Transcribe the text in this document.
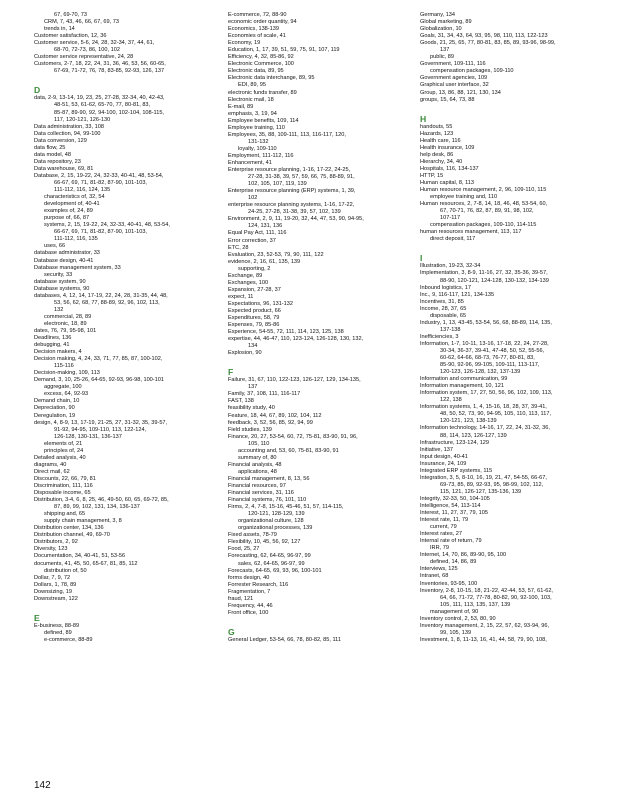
67, 69-70, 73
CRM, 7, 43, 46, 66, 67, 69, 73
trends in, 14
Customer satisfaction, 12, 36
Customer service, 5-6, 24, 28, 32-34, 37, 44, 61,
68-70, 72-73, 86, 100, 102
Customer service representative, 24, 28
Customers, 2-7, 18, 22, 24, 31, 36, 46, 53, 56, 60-65,
67-69, 71-72, 76, 78, 83-85, 92-93, 126, 137
D
data, 2-9, 13-14, 19, 23, 25, 27-28, 32-34, 40, 42-43,
48-51, 53, 61-62, 65-70, 77, 80-81, 83,
85-87, 89-90, 92, 94-100, 102-104, 108-115,
117, 120-121, 126-130
Data administration, 33, 108
Data collection, 94, 99-100
Data conversion, 129
data flow, 25
data model, 48
Data repository, 23
Data warehouse, 69, 81
Database, 2, 15, 19-22, 24, 32-33, 40-41, 48, 53-54,
66-67, 69, 71, 81-82, 87-90, 101-103,
111-112, 116, 124, 135
characteristics of, 32, 54
development of, 40-41
examples of, 24, 89
purpose of, 66, 87
systems, 2, 15, 19-22, 24, 32-33, 40-41, 48, 53-54,
66-67, 69, 71, 81-82, 87-90, 101-103,
111-112, 116, 135
uses, 66
database administrator, 33
Database design, 40-41
Database management system, 33
security, 33
database system, 90
Database systems, 90
databases, 4, 12, 14, 17-19, 22, 24, 28, 31-35, 44, 48,
53, 56, 62, 68, 77, 88-89, 92, 96, 102, 113,
132
commercial, 28, 89
electronic, 18, 89
dates, 76, 79, 95-98, 101
Deadlines, 136
debugging, 41
Decision makers, 4
Decision making, 4, 24, 33, 71, 77, 85, 87, 100-102,
115-116
Decision-making, 109, 113
Demand, 3, 10, 25-26, 64-65, 92-93, 96-98, 100-101
aggregate, 100
excess, 64, 92-93
Demand chain, 10
Depreciation, 90
Deregulation, 19
design, 4, 8-9, 13, 17-19, 21-25, 27, 31-32, 35, 39-57,
91-92, 94-95, 109-110, 113, 122-124,
126-128, 130-131, 136-137
elements of, 21
principles of, 24
Detailed analysis, 40
diagrams, 40
Direct mail, 62
Discounts, 22, 66, 79, 81
Discrimination, 111, 116
Disposable income, 65
Distribution, 3-4, 6, 8, 25, 46, 49-50, 60, 65, 69-72, 85,
87, 89, 99, 102, 131, 134, 136-137
shipping and, 65
supply chain management, 3, 8
Distribution center, 134, 136
Distribution channel, 49, 69-70
Distributors, 2, 92
Diversity, 123
Documentation, 34, 40-41, 51, 53-56
documents, 41, 45, 50, 65-67, 81, 85, 112
distribution of, 50
Dollar, 7, 9, 72
Dollars, 1, 78, 89
Downsizing, 19
Downstream, 122
E
E-business, 88-89
defined, 89
e-commerce, 88-89
E-commerce, 72, 88-90
economic order quantity, 94
Economics, 138-139
Economies of scale, 41
Economy, 19
Education, 1, 17, 39, 51, 59, 75, 91, 107, 119
Efficiency, 4, 32, 85-86, 92
Electronic Commerce, 100
Electronic data, 89, 95
Electronic data interchange, 89, 95
EDI, 89, 95
electronic funds transfer, 89
Electronic mail, 18
E-mail, 89
emphasis, 3, 19, 94
Employee benefits, 109, 114
Employee training, 110
Employees, 35, 88, 109-111, 113, 116-117, 120,
131-132
loyalty, 109-110
Employment, 111-112, 116
Enhancement, 41
Enterprise resource planning, 1-16, 17-22, 24-25,
27-28, 31-38, 39, 57, 59, 66, 75, 88-89, 91,
102, 105, 107, 119, 139
Enterprise resource planning (ERP) systems, 1, 39,
102
enterprise resource planning systems, 1-16, 17-22,
24-25, 27-28, 31-38, 39, 57, 102, 139
Environment, 2, 9, 11, 19-20, 32, 44, 47, 53, 90, 94-95,
124, 131, 136
Equal Pay Act, 111, 116
Error correction, 37
ETC, 28
Evaluation, 23, 52-53, 79, 90, 111, 122
evidence, 2, 16, 61, 135, 139
supporting, 2
Exchange, 89
Exchanges, 100
Expansion, 27-28, 37
expect, 11
Expectations, 96, 131-132
Expected product, 66
Expenditures, 58, 79
Expenses, 79, 85-86
Experience, 54-55, 72, 111, 114, 123, 125, 138
expertise, 44, 46-47, 110, 123-124, 126-128, 130, 132,
134
Explosion, 90
F
Failure, 31, 67, 110, 122-123, 126-127, 129, 134-135,
137
Family, 37, 108, 111, 116-117
FAST, 138
feasibility study, 40
Feature, 18, 44, 67, 89, 102, 104, 112
feedback, 3, 52, 56, 85, 92, 94, 99
Field studies, 139
Finance, 20, 27, 53-54, 60, 72, 75-81, 83-90, 91, 96,
105, 110
accounting and, 53, 60, 75-81, 83-90, 91
summary of, 80
Financial analysis, 48
applications, 48
Financial management, 8, 13, 56
Financial resources, 97
Financial services, 31, 116
Financial systems, 76, 101, 110
Firms, 2, 4, 7-8, 15-16, 45-46, 51, 57, 114-115,
120-121, 128-129, 139
organizational culture, 128
organizational processes, 139
Fixed assets, 78-79
Flexibility, 10, 45, 56, 92, 127
Food, 25, 27
Forecasting, 62, 64-65, 96-97, 99
sales, 62, 64-65, 96-97, 99
Forecasts, 64-65, 69, 93, 96, 100-101
forms design, 40
Forrester Research, 116
Fragmentation, 7
fraud, 121
Frequency, 44, 46
Front office, 100
G
General Ledger, 53-54, 66, 78, 80-82, 85, 111
Germany, 134
Global marketing, 89
Globalization, 10
Goals, 31, 34, 43, 64, 93, 95, 98, 110, 113, 122-123
Goods, 21, 25, 65, 77, 80-81, 83, 85, 89, 93-96, 98-99,
137
public, 89
Government, 109-111, 116
compensation packages, 109-110
Government agencies, 109
Graphical user interface, 32
Group, 13, 86, 88, 121, 130, 134
groups, 15, 64, 73, 88
H
handouts, 55
Hazards, 123
Health care, 116
Health insurance, 109
help desk, 86
Hierarchy, 34, 40
Hospitals, 116, 134-137
HTTP, 15
Human capital, 8, 113
Human resource management, 2, 96, 109-110, 115
employee training and, 110
Human resources, 2, 7-8, 14, 18, 46, 48, 53-54, 60,
67, 70-71, 76, 82, 87, 89, 91, 98, 102,
107-117
compensation packages, 109-110, 114-115
human resources management, 113, 117
direct deposit, 117
I
Illustration, 19-23, 32-34
Implementation, 3, 8-9, 11-16, 27, 32, 35-36, 39-57,
88-90, 120-121, 124-128, 130-132, 134-139
Inbound logistics, 17
Inc., 9, 116-117, 121, 134-135
Incentives, 31, 85
Income, 28, 37, 65
disposable, 65
Industry, 1, 13, 43-45, 53-54, 56, 68, 88-89, 114, 135,
137-138
Inefficiencies, 3
Information, 1-7, 10-11, 13-16, 17-18, 22, 24, 27-28,
30-34, 36-37, 39-41, 47-48, 50, 52, 55-56,
60-62, 64-66, 68-73, 76-77, 80-81, 83,
85-90, 92-96, 99-105, 109-111, 113-117,
120-123, 126-128, 132, 137-139
Information and communication, 99
Information management, 10, 121
Information system, 17, 27, 50, 56, 96, 102, 109, 113,
122, 138
Information systems, 1, 4, 15-16, 18, 28, 37, 39-41,
48, 50, 52, 73, 90, 94-95, 105, 110, 113, 117,
120-121, 123, 138-139
Information technology, 14-16, 17, 22, 24, 31-32, 36,
88, 114, 123, 126-127, 139
Infrastructure, 123-124, 129
Initiative, 137
Input design, 40-41
Insurance, 24, 109
Integrated ERP systems, 115
Integration, 3, 5, 8-10, 16, 19, 21, 47, 54-55, 66-67,
69-73, 85, 89, 92-93, 95, 98-99, 102, 112,
115, 121, 126-127, 135-136, 139
Integrity, 32-33, 50, 104-105
Intelligence, 54, 113-114
Interest, 11, 27, 37, 79, 105
Interest rate, 11, 79
current, 79
Interest rates, 27
Internal rate of return, 79
IRR, 79
Internet, 14, 70, 86, 89-90, 95, 100
defined, 14, 86, 89
Interviews, 125
Intranet, 68
Inventories, 93-95, 100
Inventory, 2-8, 10-15, 18, 21-22, 42-44, 53, 57, 61-62,
64, 66, 71-72, 77-78, 80-82, 90, 92-100, 103,
105, 111, 113, 135, 137, 139
management of, 90
Inventory control, 2, 53, 80, 90
Inventory management, 2, 15, 22, 57, 62, 93-94, 96,
99, 105, 139
Investment, 1, 8, 11-13, 16, 41, 44, 58, 79, 90, 108,
142
